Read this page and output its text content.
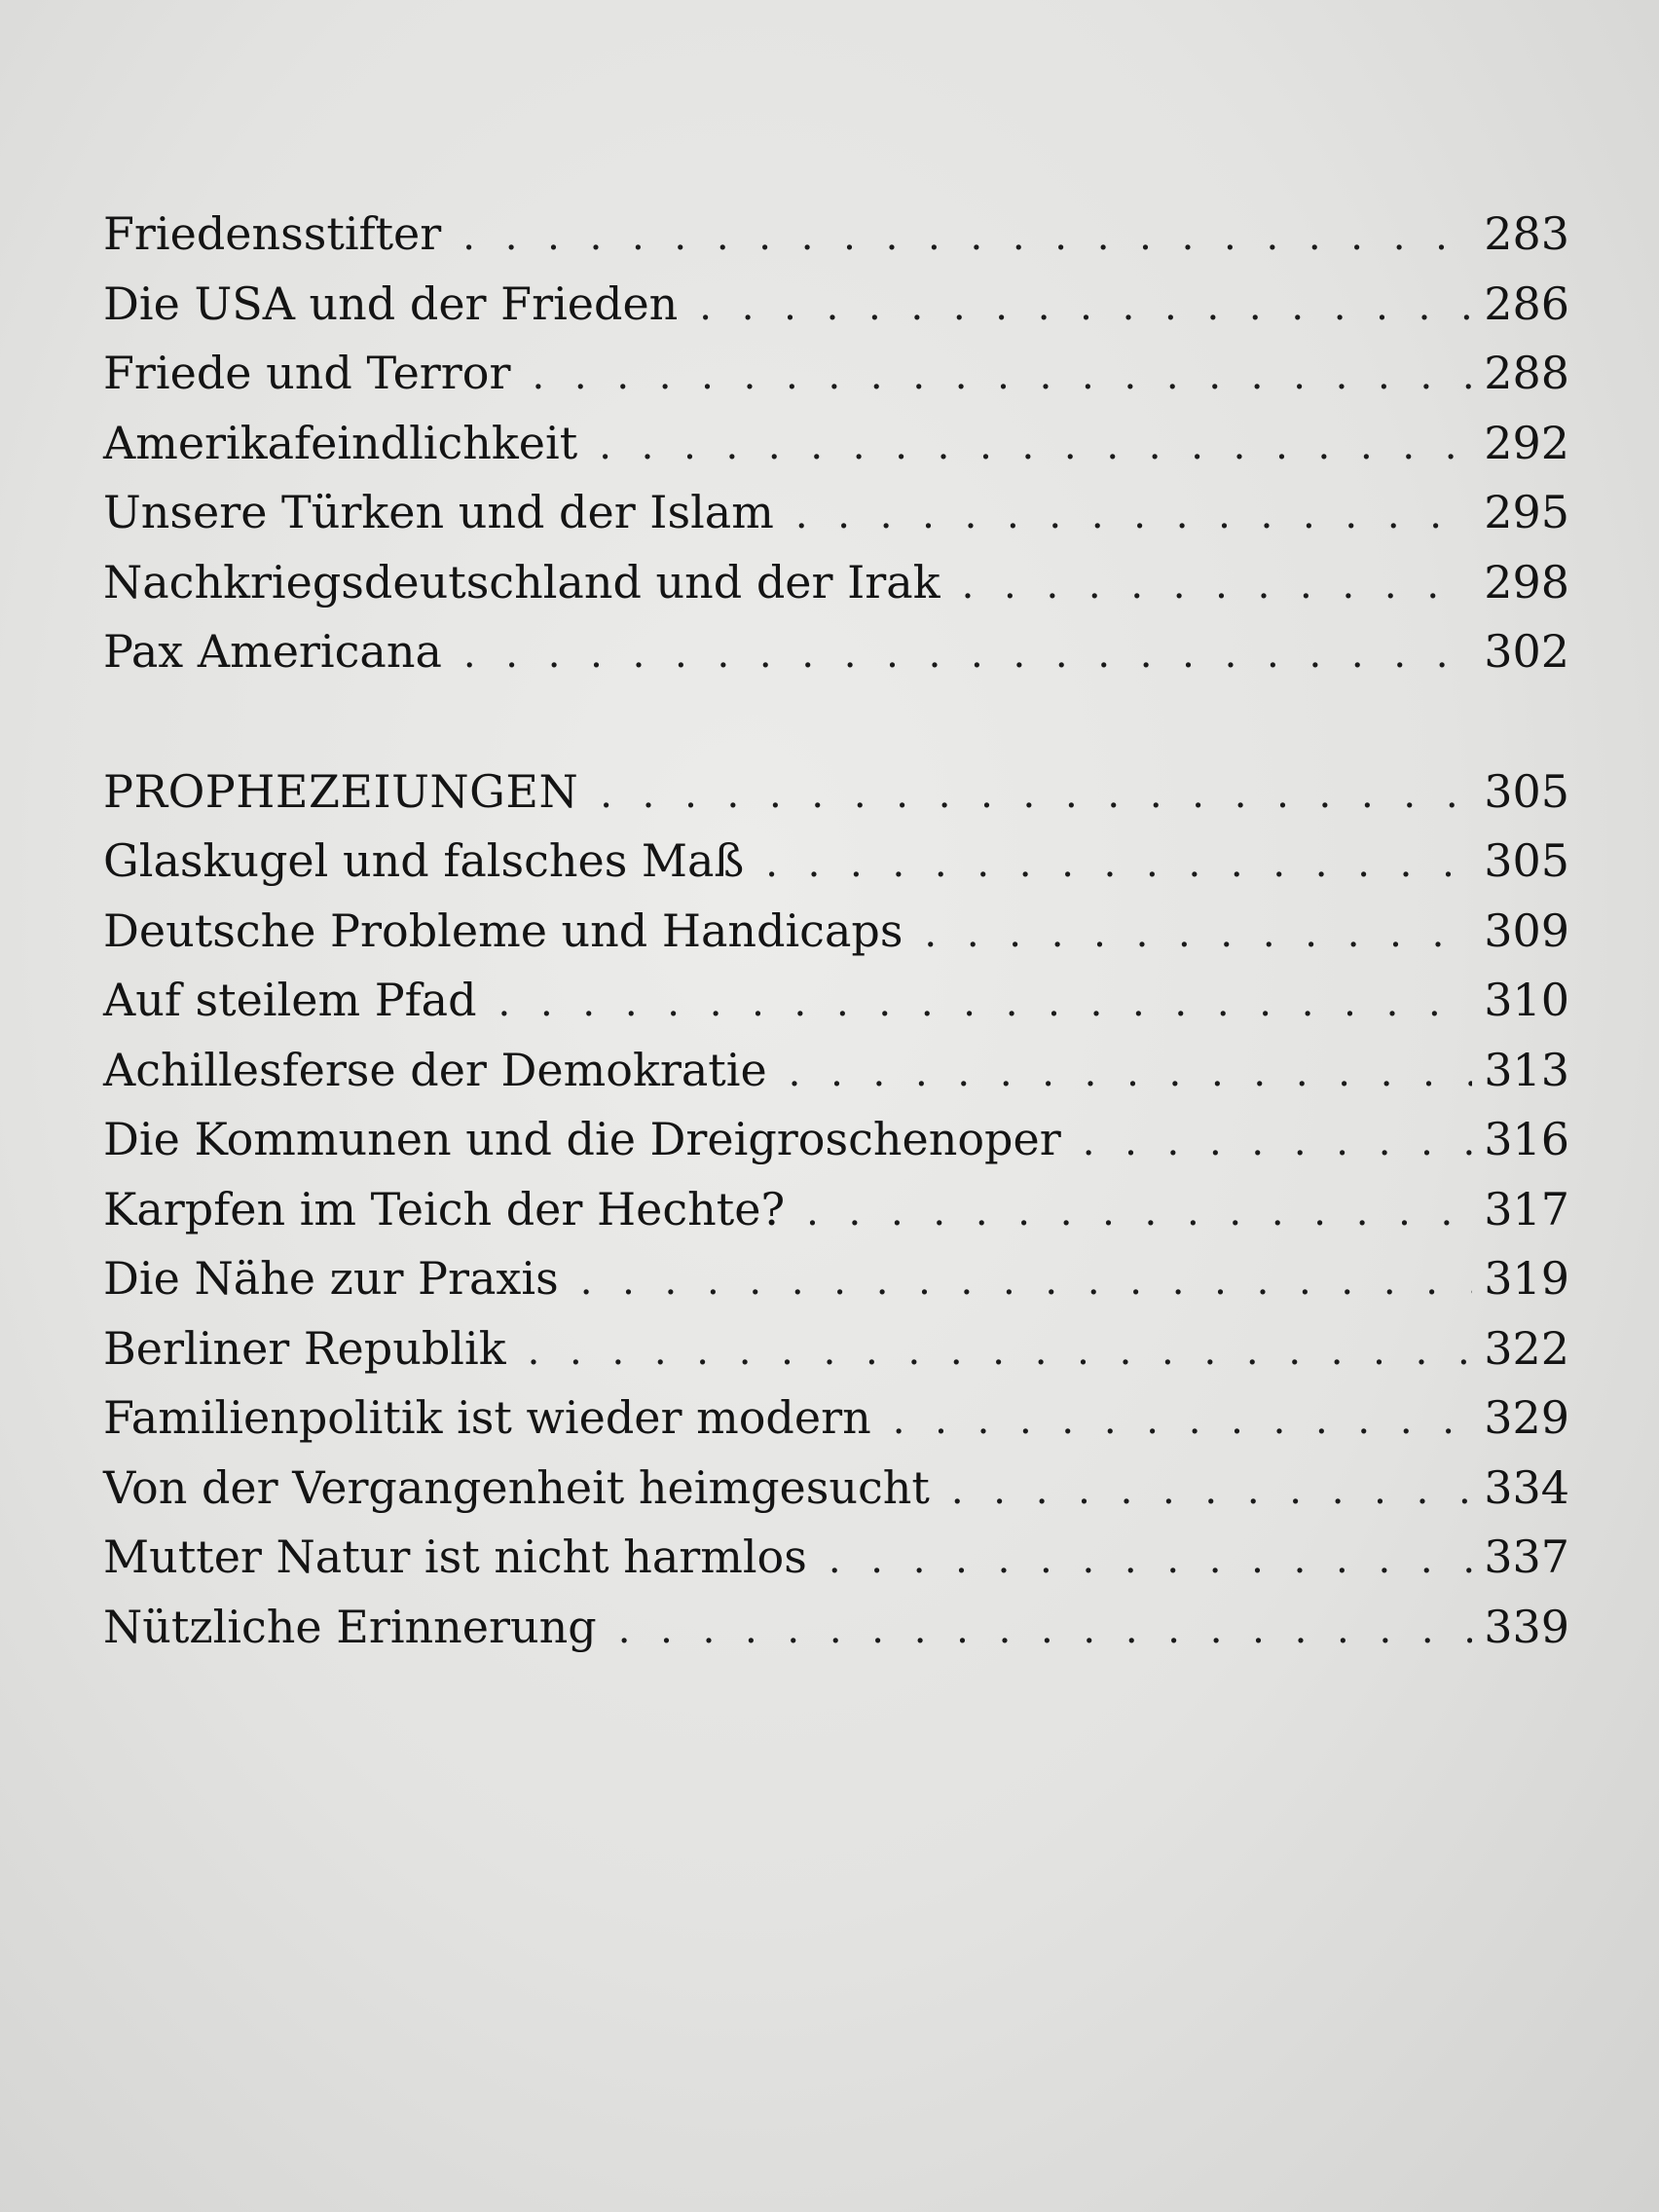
Friedensstifter . . .	283
Die USA und der Frieden . . .	286
Friede und Terror . . .	288
Amerikafeindlichkeit . . .	292
Unsere Türken und der Islam . . .	295
Nachkriegsdeutschland und der Irak . . .	298
Pax Americana . . .	302
PROPHEZEIUNGEN . . .	305
Glaskugel und falsches Maß . . .	305
Deutsche Probleme und Handicaps . . .	309
Auf steilem Pfad . . .	310
Achillesferse der Demokratie . . .	313
Die Kommunen und die Dreigroschenoper . . .	316
Karpfen im Teich der Hechte? . . .	317
Die Nähe zur Praxis . . .	319
Berliner Republik . . .	322
Familienpolitik ist wieder modern . . .	329
Von der Vergangenheit heimgesucht . . .	334
Mutter Natur ist nicht harmlos . . .	337
Nützliche Erinnerung . . .	339
